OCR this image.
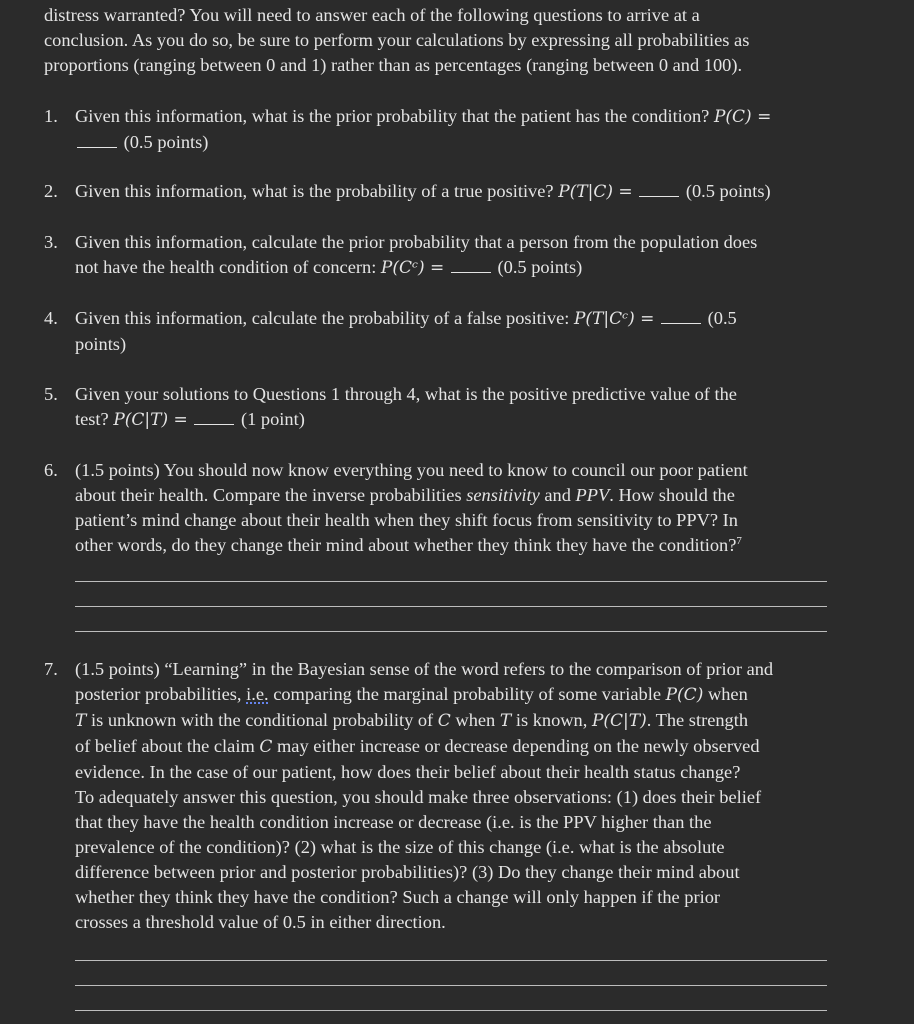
distress warranted? You will need to answer each of the following questions to arrive at a
conclusion. As you do so, be sure to perform your calculations by expressing all probabilities as
proportions (ranging between 0 and 1) rather than as percentages (ranging between 0 and 100).

1. Given this information, what is the prior probability that the patient has the condition? P(C) =
(0.5 points)

2. Given this information, what is the probability of a true positive? P(T|C) =	(0.5 points)

3. Given this information, calculate the prior probability that a person from the population does
not have the health condition of concern: P(Cᶜ) =	(0.5 points)

4. Given this information, calculate the probability of a false positive: P(T|Cᶜ) =	(0.5
points)

5. Given your solutions to Questions 1 through 4, what is the positive predictive value of the
test? P(C|T) =	(1 point)

6. (1.5 points) You should now know everything you need to know to council our poor patient
about their health. Compare the inverse probabilities sensitivity and PPV. How should the
patient’s mind change about their health when they shift focus from sensitivity to PPV? In
other words, do they change their mind about whether they think they have the condition?$^7$

7. (1.5 points) “Learning” in the Bayesian sense of the word refers to the comparison of prior and
posterior probabilities, i.e. comparing the marginal probability of some variable P(C) when
T is unknown with the conditional probability of C when T is known, P(C|T). The strength
of belief about the claim C may either increase or decrease depending on the newly observed
evidence. In the case of our patient, how does their belief about their health status change?
To adequately answer this question, you should make three observations: (1) does their belief
that they have the health condition increase or decrease (i.e. is the PPV higher than the
prevalence of the condition)? (2) what is the size of this change (i.e. what is the absolute
difference between prior and posterior probabilities)? (3) Do they change their mind about
whether they think they have the condition? Such a change will only happen if the prior
crosses a threshold value of 0.5 in either direction.
